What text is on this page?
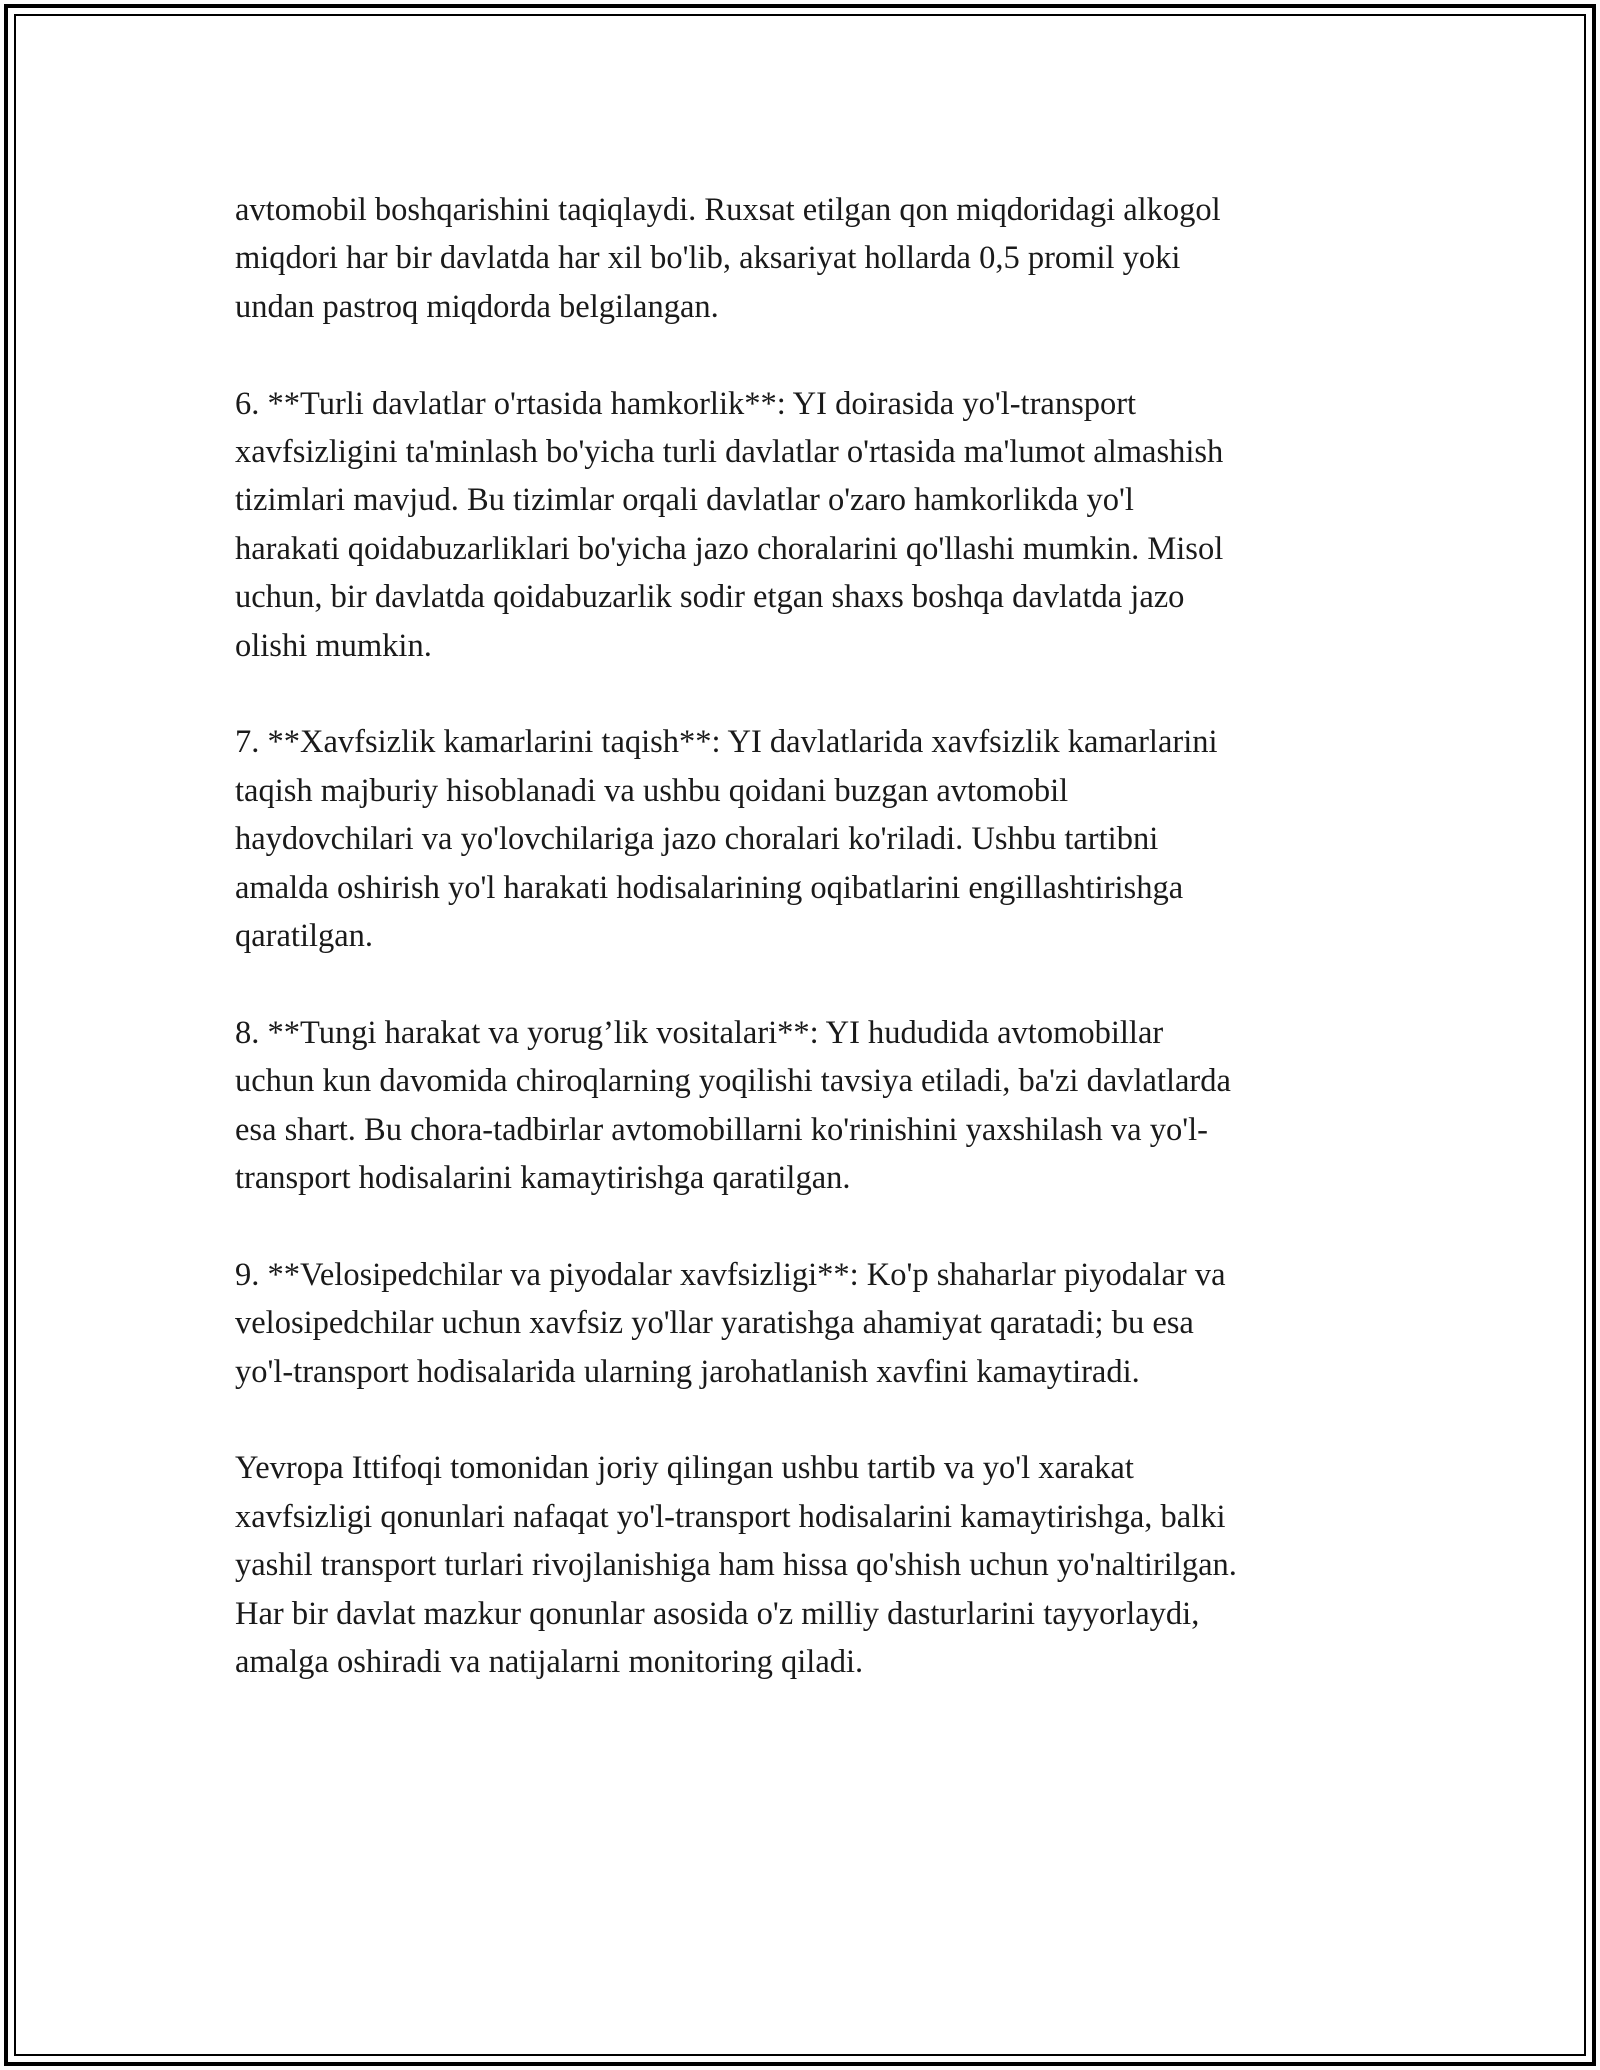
avtomobil boshqarishini taqiqlaydi. Ruxsat etilgan qon miqdoridagi alkogol
miqdori har bir davlatda har xil bo'lib, aksariyat hollarda 0,5 promil yoki
undan pastroq miqdorda belgilangan.

6. **Turli davlatlar o'rtasida hamkorlik**: YI doirasida yo'l-transport
xavfsizligini ta'minlash bo'yicha turli davlatlar o'rtasida ma'lumot almashish
tizimlari mavjud. Bu tizimlar orqali davlatlar o'zaro hamkorlikda yo'l
harakati qoidabuzarliklari bo'yicha jazo choralarini qo'llashi mumkin. Misol
uchun, bir davlatda qoidabuzarlik sodir etgan shaxs boshqa davlatda jazo
olishi mumkin.

7. **Xavfsizlik kamarlarini taqish**: YI davlatlarida xavfsizlik kamarlarini
taqish majburiy hisoblanadi va ushbu qoidani buzgan avtomobil
haydovchilari va yo'lovchilariga jazo choralari ko'riladi. Ushbu tartibni
amalda oshirish yo'l harakati hodisalarining oqibatlarini engillashtirishga
qaratilgan.

8. **Tungi harakat va yorug’lik vositalari**: YI hududida avtomobillar
uchun kun davomida chiroqlarning yoqilishi tavsiya etiladi, ba'zi davlatlarda
esa shart. Bu chora-tadbirlar avtomobillarni ko'rinishini yaxshilash va yo'l-
transport hodisalarini kamaytirishga qaratilgan.

9. **Velosipedchilar va piyodalar xavfsizligi**: Ko'p shaharlar piyodalar va
velosipedchilar uchun xavfsiz yo'llar yaratishga ahamiyat qaratadi; bu esa
yo'l-transport hodisalarida ularning jarohatlanish xavfini kamaytiradi.

Yevropa Ittifoqi tomonidan joriy qilingan ushbu tartib va yo'l xarakat
xavfsizligi qonunlari nafaqat yo'l-transport hodisalarini kamaytirishga, balki
yashil transport turlari rivojlanishiga ham hissa qo'shish uchun yo'naltirilgan.
Har bir davlat mazkur qonunlar asosida o'z milliy dasturlarini tayyorlaydi,
amalga oshiradi va natijalarni monitoring qiladi.
